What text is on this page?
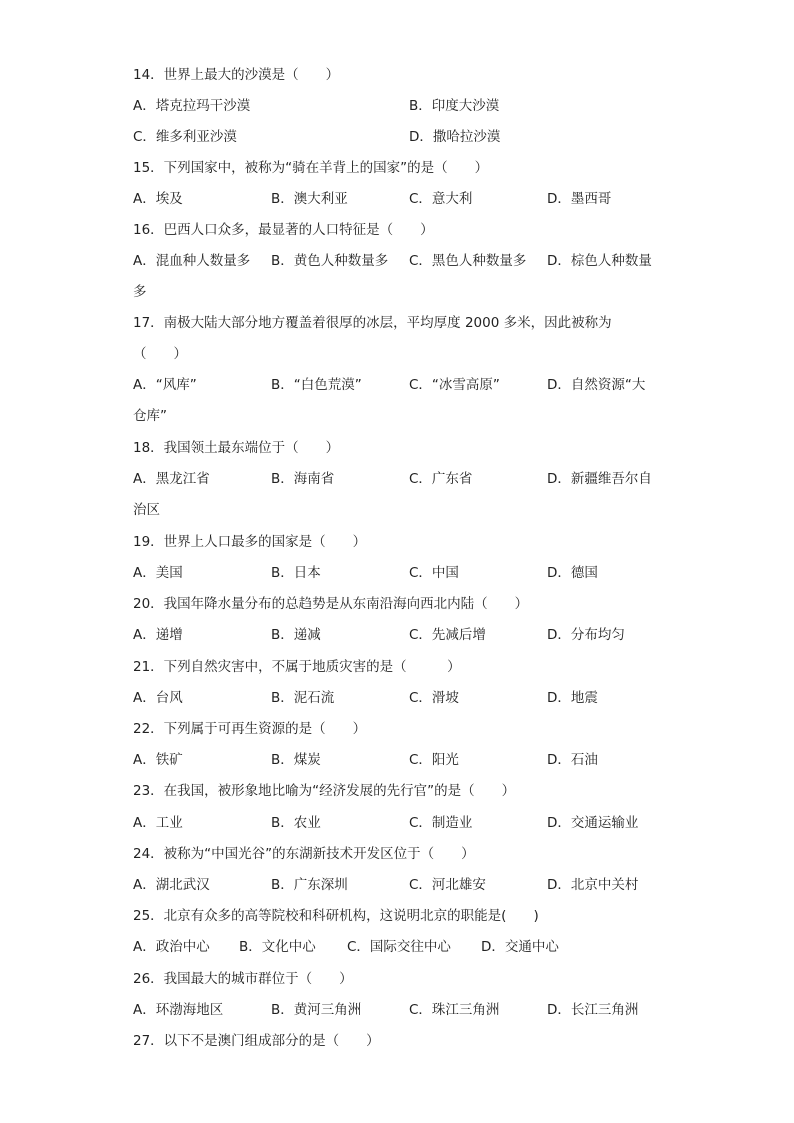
14．世界上最大的沙漠是（　　）
A．塔克拉玛干沙漠	B．印度大沙漠
C．维多利亚沙漠	D．撒哈拉沙漠
15．下列国家中，被称为“骑在羊背上的国家”的是（　　）
A．埃及	B．澳大利亚	C．意大利	D．墨西哥
16．巴西人口众多，最显著的人口特征是（　　）
A．混血种人数量多 B．黄色人种数量多 C．黑色人种数量多 D．棕色人种数量
多
17．南极大陆大部分地方覆盖着很厚的冰层，平均厚度 2000 多米，因此被称为
（　　）
A．“风库”	B．“白色荒漠”	C．“冰雪高原”	D．自然资源“大
仓库”
18．我国领土最东端位于（　　）
A．黑龙江省	B．海南省	C．广东省	D．新疆维吾尔自
治区
19．世界上人口最多的国家是（　　）
A．美国	B．日本	C．中国	D．德国
20．我国年降水量分布的总趋势是从东南沿海向西北内陆（　　）
A．递增	B．递减	C．先减后增	D．分布均匀
21．下列自然灾害中，不属于地质灾害的是（　　　）
A．台风	B．泥石流	C．滑坡	D．地震
22．下列属于可再生资源的是（　　）
A．铁矿	B．煤炭	C．阳光	D．石油
23．在我国，被形象地比喻为“经济发展的先行官”的是（　　）
A．工业	B．农业	C．制造业	D．交通运输业
24．被称为“中国光谷”的东湖新技术开发区位于（　　）
A．湖北武汉	B．广东深圳	C．河北雄安	D．北京中关村
25．北京有众多的高等院校和科研机构，这说明北京的职能是(　　)
A．政治中心 B．文化中心 C．国际交往中心 D．交通中心
26．我国最大的城市群位于（　　）
A．环渤海地区	B．黄河三角洲	C．珠江三角洲	D．长江三角洲
27．以下不是澳门组成部分的是（　　）
